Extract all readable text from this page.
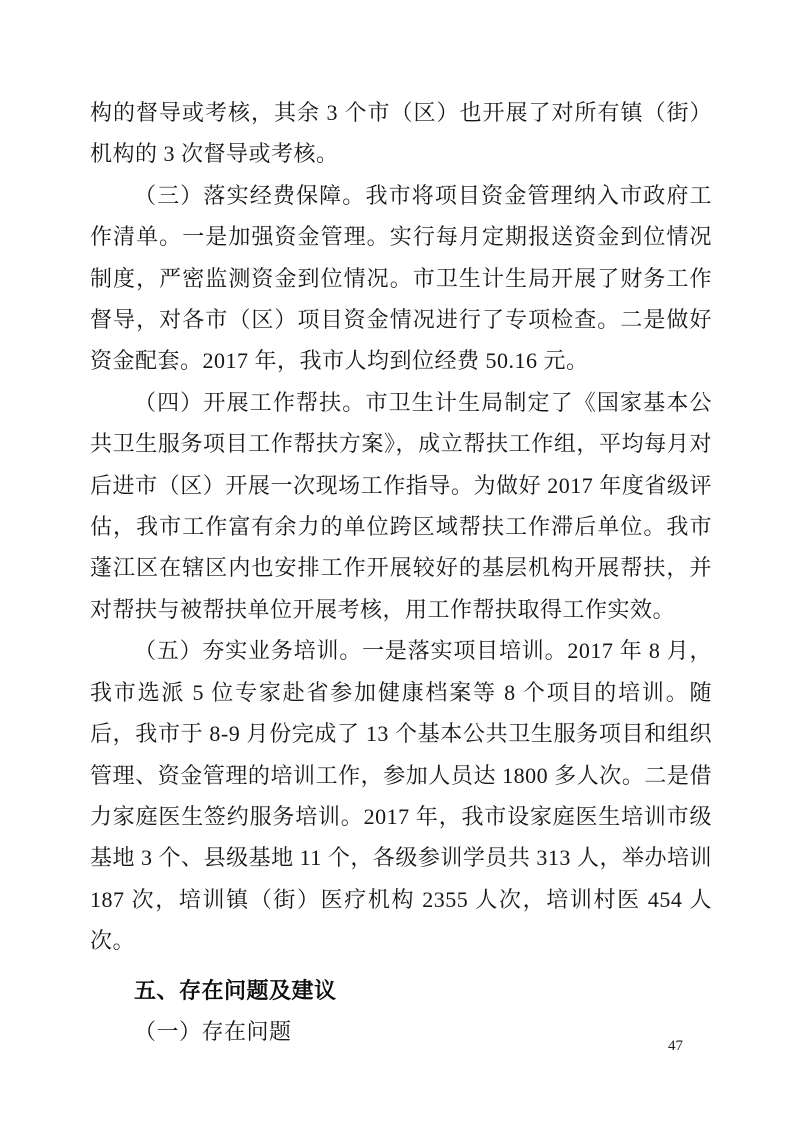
构的督导或考核，其余 3 个市（区）也开展了对所有镇（街）机构的 3 次督导或考核。

（三）落实经费保障。我市将项目资金管理纳入市政府工作清单。一是加强资金管理。实行每月定期报送资金到位情况制度，严密监测资金到位情况。市卫生计生局开展了财务工作督导，对各市（区）项目资金情况进行了专项检查。二是做好资金配套。2017 年，我市人均到位经费 50.16 元。

（四）开展工作帮扶。市卫生计生局制定了《国家基本公共卫生服务项目工作帮扶方案》，成立帮扶工作组，平均每月对后进市（区）开展一次现场工作指导。为做好 2017 年度省级评估，我市工作富有余力的单位跨区域帮扶工作滞后单位。我市蓬江区在辖区内也安排工作开展较好的基层机构开展帮扶，并对帮扶与被帮扶单位开展考核，用工作帮扶取得工作实效。

（五）夯实业务培训。一是落实项目培训。2017 年 8 月，我市选派 5 位专家赴省参加健康档案等 8 个项目的培训。随后，我市于 8-9 月份完成了 13 个基本公共卫生服务项目和组织管理、资金管理的培训工作，参加人员达 1800 多人次。二是借力家庭医生签约服务培训。2017 年，我市设家庭医生培训市级基地 3 个、县级基地 11 个，各级参训学员共 313 人，举办培训 187 次，培训镇（街）医疗机构 2355 人次，培训村医 454 人次。

五、存在问题及建议

（一）存在问题

47
